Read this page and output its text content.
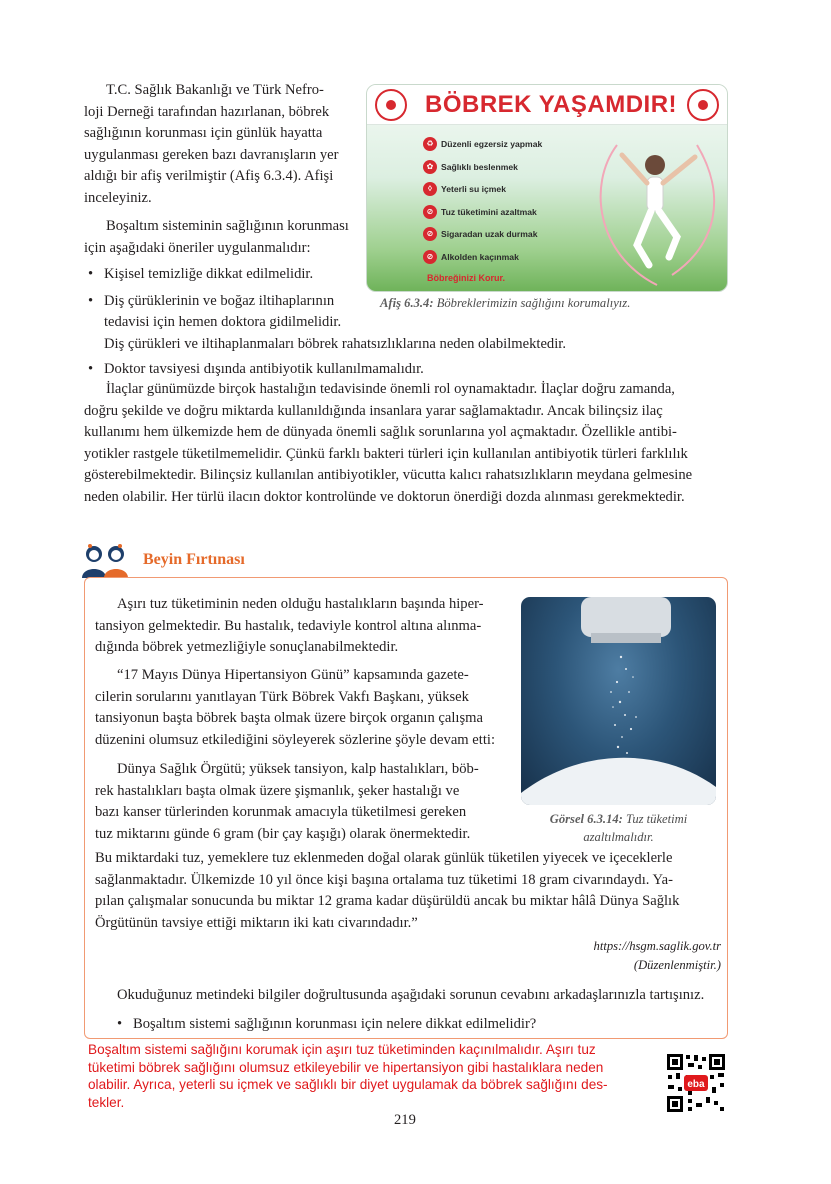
T.C. Sağlık Bakanlığı ve Türk Nefro-
loji Derneği tarafından hazırlanan, böbrek
sağlığının korunması için günlük hayatta
uygulanması gereken bazı davranışların yer
aldığı bir afiş verilmiştir (Afiş 6.3.4). Afişi
inceleyiniz.
Boşaltım sisteminin sağlığının korunması
için aşağıdaki öneriler uygulanmalıdır:
• Kişisel temizliğe dikkat edilmelidir.
• Diş çürüklerinin ve boğaz iltihaplarının
tedavisi için hemen doktora gidilmelidir.
Diş çürükleri ve iltihaplanmaları böbrek rahatsızlıklarına neden olabilmektedir.
• Doktor tavsiyesi dışında antibiyotik kullanılmamalıdır.
İlaçlar günümüzde birçok hastalığın tedavisinde önemli rol oynamaktadır. İlaçlar doğru zamanda,
doğru şekilde ve doğru miktarda kullanıldığında insanlara yarar sağlamaktadır. Ancak bilinçsiz ilaç
kullanımı hem ülkemizde hem de dünyada önemli sağlık sorunlarına yol açmaktadır. Özellikle antibi-
yotikler rastgele tüketilmemelidir. Çünkü farklı bakteri türleri için kullanılan antibiyotik türleri farklılık
gösterebilmektedir. Bilinçsiz kullanılan antibiyotikler, vücutta kalıcı rahatsızlıkların meydana gelmesine
neden olabilir. Her türlü ilacın doktor kontrolünde ve doktorun önerdiği dozda alınması gerekmektedir.
BÖBREK YAŞAMDIR!
♻ Düzenli egzersiz yapmak
✿ Sağlıklı beslenmek
◊	Yeterli su içmek
⊘ Tuz tüketimini azaltmak
⊘ Sigaradan uzak durmak
⊘ Alkolden kaçınmak
Böbreğinizi Korur.
Afiş 6.3.4: Böbreklerimizin sağlığını korumalıyız.
Beyin Fırtınası
Aşırı tuz tüketiminin neden olduğu hastalıkların başında hiper-
tansiyon gelmektedir. Bu hastalık, tedaviyle kontrol altına alınma-
dığında böbrek yetmezliğiyle sonuçlanabilmektedir.
“17 Mayıs Dünya Hipertansiyon Günü” kapsamında gazete-
cilerin sorularını yanıtlayan Türk Böbrek Vakfı Başkanı, yüksek
tansiyonun başta böbrek başta olmak üzere birçok organın çalışma
düzenini olumsuz etkilediğini söyleyerek sözlerine şöyle devam etti:
Dünya Sağlık Örgütü; yüksek tansiyon, kalp hastalıkları, böb-
rek hastalıkları başta olmak üzere şişmanlık, şeker hastalığı ve
bazı kanser türlerinden korunmak amacıyla tüketilmesi gereken
tuz miktarını günde 6 gram (bir çay kaşığı) olarak önermektedir.
Bu miktardaki tuz, yemeklere tuz eklenmeden doğal olarak günlük tüketilen yiyecek ve içeceklerle
sağlanmaktadır. Ülkemizde 10 yıl önce kişi başına ortalama tuz tüketimi 18 gram civarındaydı. Ya-
pılan çalışmalar sonucunda bu miktar 12 grama kadar düşürüldü ancak bu miktar hâlâ Dünya Sağlık
Örgütünün tavsiye ettiği miktarın iki katı civarındadır.”
Görsel 6.3.14: Tuz tüketimi
azaltılmalıdır.
https://hsgm.saglik.gov.tr
(Düzenlenmiştir.)
Okuduğunuz metindeki bilgiler doğrultusunda aşağıdaki sorunun cevabını arkadaşlarınızla tartışınız.
• Boşaltım sistemi sağlığının korunması için nelere dikkat edilmelidir?
Boşaltım sistemi sağlığını korumak için aşırı tuz tüketiminden kaçınılmalıdır. Aşırı tuz
tüketimi böbrek sağlığını olumsuz etkileyebilir ve hipertansiyon gibi hastalıklara neden
olabilir. Ayrıca, yeterli su içmek ve sağlıklı bir diyet uygulamak da böbrek sağlığını des-
tekler.
eba
219
